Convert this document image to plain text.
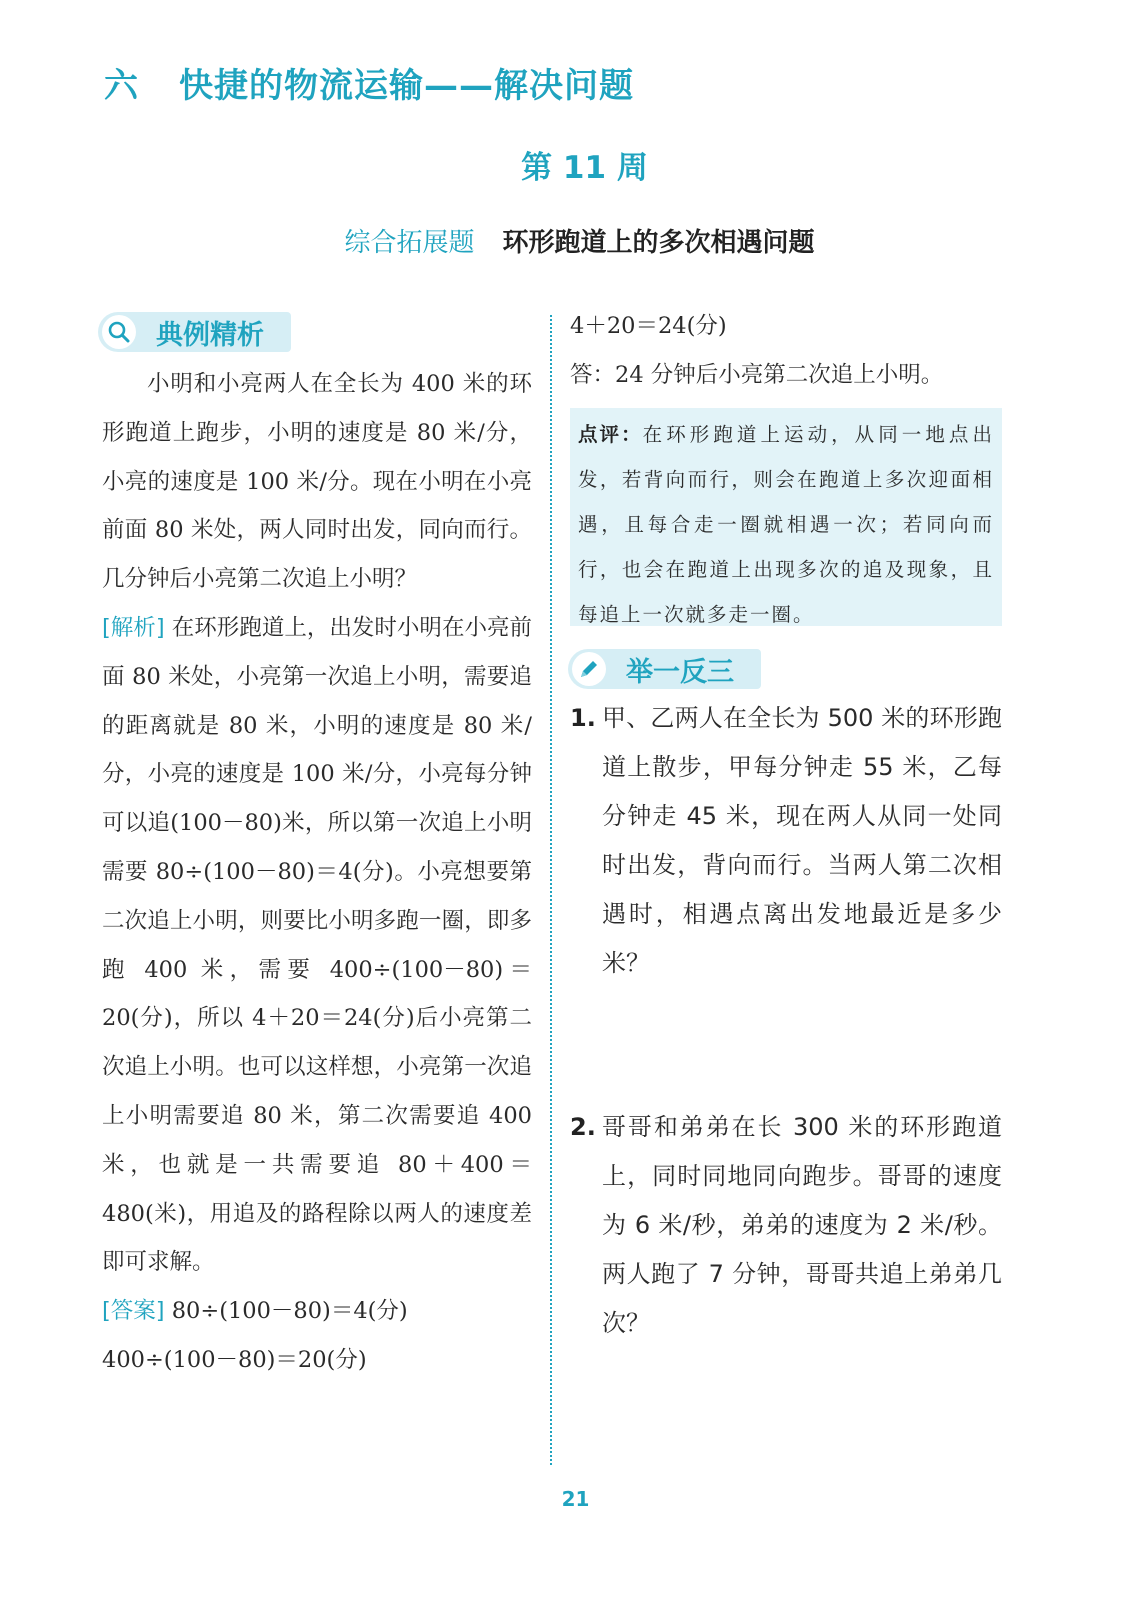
六 快捷的物流运输——解决问题
第 11 周
综合拓展题 环形跑道上的多次相遇问题
典例精析

小明和小亮两人在全长为 400 米的环形跑道上跑步，小明的速度是 80 米/分，小亮的速度是 100 米/分。现在小明在小亮前面 80 米处，两人同时出发，同向而行。几分钟后小亮第二次追上小明？

[解析] 在环形跑道上，出发时小明在小亮前面 80 米处，小亮第一次追上小明，需要追的距离就是 80 米，小明的速度是 80 米/分，小亮的速度是 100 米/分，小亮每分钟可以追(100－80)米，所以第一次追上小明需要 80÷(100－80)＝4(分)。小亮想要第二次追上小明，则要比小明多跑一圈，即多跑 400 米，需要 400÷(100－80)＝20(分)，所以 4＋20＝24(分)后小亮第二次追上小明。也可以这样想，小亮第一次追上小明需要追 80 米，第二次需要追 400 米，也就是一共需要追 80＋400＝480(米)，用追及的路程除以两人的速度差即可求解。

[答案] 80÷(100－80)＝4(分)

400÷(100－80)＝20(分)

4＋20＝24(分)

答：24 分钟后小亮第二次追上小明。

点评：在环形跑道上运动，从同一地点出发，若背向而行，则会在跑道上多次迎面相遇，且每合走一圈就相遇一次；若同向而行，也会在跑道上出现多次的追及现象，且每追上一次就多走一圈。
举一反三
1. 甲、乙两人在全长为 500 米的环形跑道上散步，甲每分钟走 55 米，乙每分钟走 45 米，现在两人从同一处同时出发，背向而行。当两人第二次相遇时，相遇点离出发地最近是多少米？
2. 哥哥和弟弟在长 300 米的环形跑道上，同时同地同向跑步。哥哥的速度为 6 米/秒，弟弟的速度为 2 米/秒。两人跑了 7 分钟，哥哥共追上弟弟几次？
21
